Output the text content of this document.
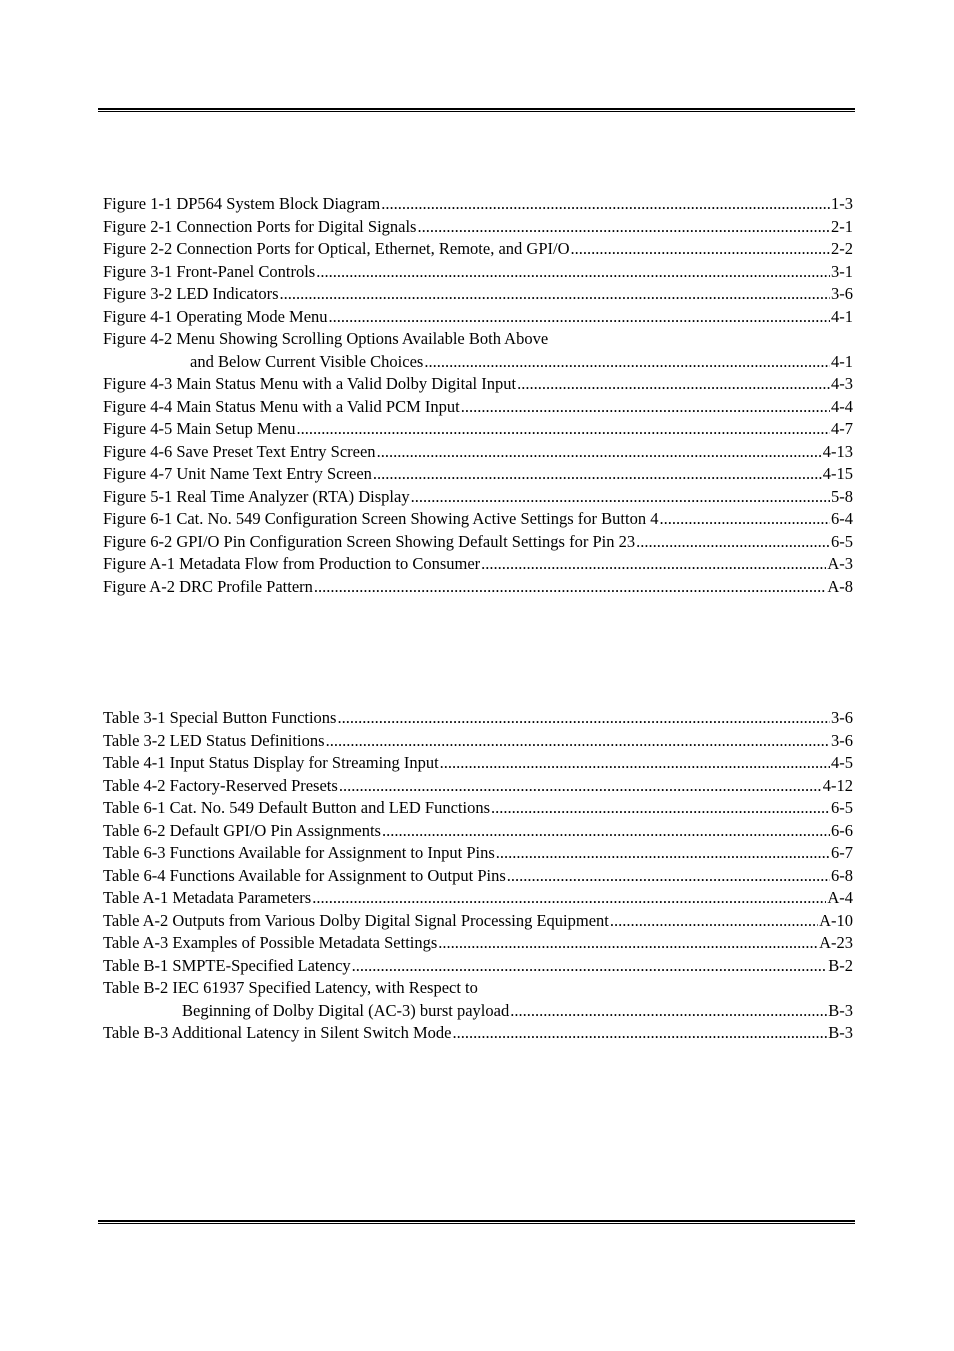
Figure 1-1 DP564 System Block Diagram .....	1-3
Figure 2-1 Connection Ports for Digital Signals .....	2-1
Figure 2-2 Connection Ports for Optical, Ethernet, Remote, and GPI/O .....	2-2
Figure 3-1 Front-Panel Controls .....	3-1
Figure 3-2 LED Indicators .....	3-6
Figure 4-1 Operating Mode Menu .....	4-1
Figure 4-2 Menu Showing Scrolling Options Available Both Above
and Below Current Visible Choices .....	4-1
Figure 4-3 Main Status Menu with a Valid Dolby Digital Input .....	4-3
Figure 4-4 Main Status Menu with a Valid PCM Input .....	4-4
Figure 4-5 Main Setup Menu .....	4-7
Figure 4-6 Save Preset Text Entry Screen .....	4-13
Figure 4-7 Unit Name Text Entry Screen .....	4-15
Figure 5-1 Real Time Analyzer (RTA) Display .....	5-8
Figure 6-1 Cat. No. 549 Configuration Screen Showing Active Settings for Button 4 .....	6-4
Figure 6-2 GPI/O Pin Configuration Screen Showing Default Settings for Pin 23 .....	6-5
Figure A-1 Metadata Flow from Production to Consumer .....	A-3
Figure A-2 DRC Profile Pattern .....	A-8
Table 3-1 Special Button Functions .....	3-6
Table 3-2 LED Status Definitions .....	3-6
Table 4-1 Input Status Display for Streaming Input .....	4-5
Table 4-2 Factory-Reserved Presets .....	4-12
Table 6-1 Cat. No. 549 Default Button and LED Functions .....	6-5
Table 6-2 Default GPI/O Pin Assignments .....	6-6
Table 6-3 Functions Available for Assignment to Input Pins .....	6-7
Table 6-4 Functions Available for Assignment to Output Pins .....	6-8
Table A-1 Metadata Parameters .....	A-4
Table A-2 Outputs from Various Dolby Digital Signal Processing Equipment .....	A-10
Table A-3 Examples of Possible Metadata Settings .....	A-23
Table B-1 SMPTE-Specified Latency .....	B-2
Table B-2 IEC 61937 Specified Latency, with Respect to
Beginning of Dolby Digital (AC-3) burst payload .....	B-3
Table B-3 Additional Latency in Silent Switch Mode .....	B-3
